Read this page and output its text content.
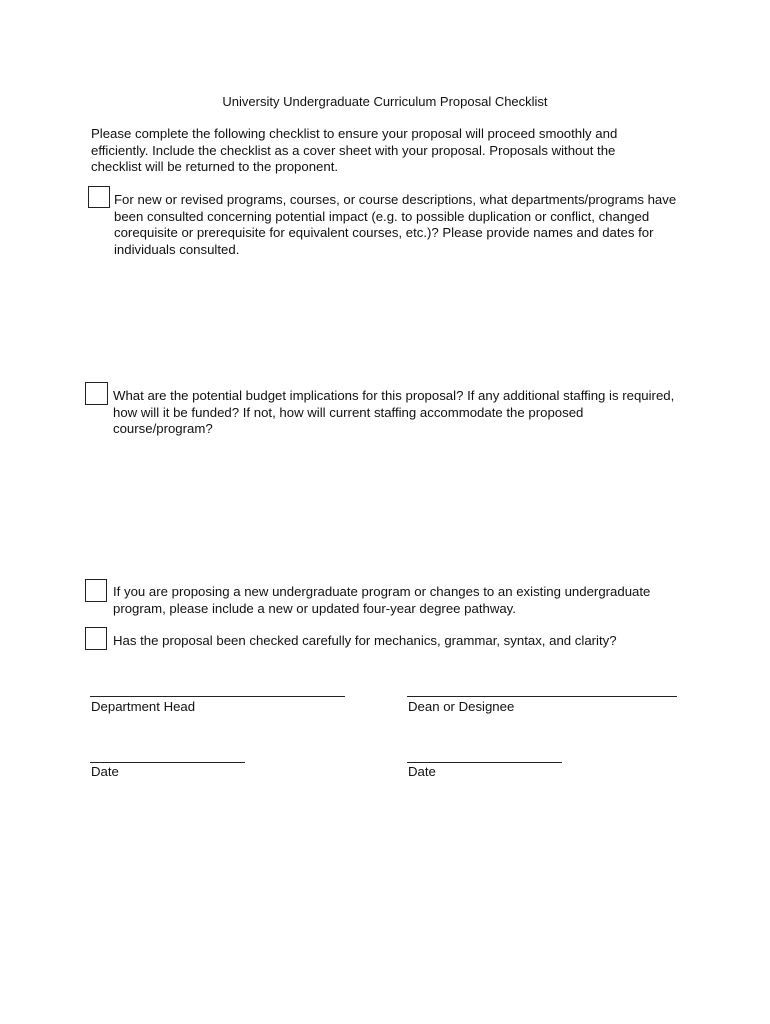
University Undergraduate Curriculum Proposal Checklist
Please complete the following checklist to ensure your proposal will proceed smoothly and efficiently. Include the checklist as a cover sheet with your proposal. Proposals without the checklist will be returned to the proponent.
For new or revised programs, courses, or course descriptions, what departments/programs have been consulted concerning potential impact (e.g. to possible duplication or conflict, changed corequisite or prerequisite for equivalent courses, etc.)? Please provide names and dates for individuals consulted.
What are the potential budget implications for this proposal? If any additional staffing is required, how will it be funded? If not, how will current staffing accommodate the proposed course/program?
If you are proposing a new undergraduate program or changes to an existing undergraduate program, please include a new or updated four-year degree pathway.
Has the proposal been checked carefully for mechanics, grammar, syntax, and clarity?
Department Head	Dean or Designee
Date	Date
